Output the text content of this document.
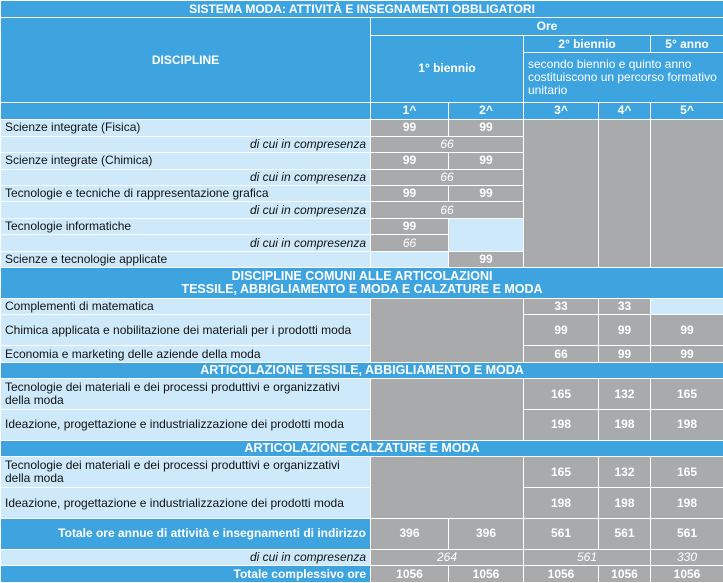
SISTEMA MODA: ATTIVITÀ E INSEGNAMENTI OBBLIGATORI					
DISCIPLINE	Ore				
	1° biennio		2° biennio		5° anno
			secondo biennio e quinto anno costituiscono un percorso formativo unitario		
	1^	2^	3^	4^	5^
Scienze integrate (Fisica)	99	99			
di cui in compresenza	66				
Scienze integrate (Chimica)	99	99			
di cui in compresenza	66				
Tecnologie e tecniche di rappresentazione grafica	99	99			
di cui in compresenza	66				
Tecnologie informatiche	99				
di cui in compresenza	66				
Scienze e tecnologie applicate		99			
DISCIPLINE COMUNI ALLE ARTICOLAZIONI
TESSILE, ABBIGLIAMENTO E MODA E CALZATURE E MODA					
Complementi di matematica			33	33	
Chimica applicata e nobilitazione dei materiali per i prodotti moda			99	99	99
Economia e marketing delle aziende della moda			66	99	99
ARTICOLAZIONE TESSILE, ABBIGLIAMENTO E MODA					
Tecnologie dei materiali e dei processi produttivi e organizzativi della moda			165	132	165
Ideazione, progettazione e industrializzazione dei prodotti moda			198	198	198
ARTICOLAZIONE CALZATURE E MODA					
Tecnologie dei materiali e dei processi produttivi e organizzativi della moda			165	132	165
Ideazione, progettazione e industrializzazione dei prodotti moda			198	198	198
Totale ore annue di attività e insegnamenti di indirizzo	396	396	561	561	561
di cui in compresenza	264		561		330
Totale complessivo ore	1056	1056	1056	1056	1056
